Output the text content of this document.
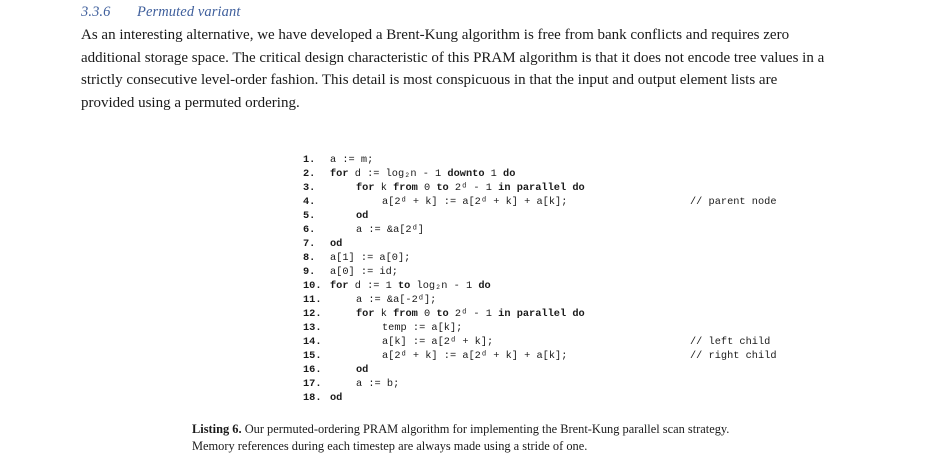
3.3.6 Permuted variant
As an interesting alternative, we have developed a Brent-Kung algorithm is free from bank conflicts and requires zero
additional storage space. The critical design characteristic of this PRAM algorithm is that it does not encode tree values in a
strictly consecutive level-order fashion. This detail is most conspicuous in that the input and output element lists are
provided using a permuted ordering.
1. a := m;
2. for d := log₂n - 1 downto 1 do
3.	for k from 0 to 2ᵈ - 1 in parallel do
4.	a[2ᵈ + k] := a[2ᵈ + k] + a[k];
5.	od
6.	a := &a[2ᵈ]
7. od
8. a[1] := a[0];
9. a[0] := id;
10. for d := 1 to log₂n - 1 do
11.	a := &a[-2ᵈ];
12.	for k from 0 to 2ᵈ - 1 in parallel do
13.	temp := a[k];
14.	a[k] := a[2ᵈ + k];
15.	a[2ᵈ + k] := a[2ᵈ + k] + a[k];
16.	od
17.	a := b;
18. od
// parent node
// left child
// right child
Listing 6. Our permuted-ordering PRAM algorithm for implementing the Brent-Kung parallel scan strategy.
Memory references during each timestep are always made using a stride of one.
